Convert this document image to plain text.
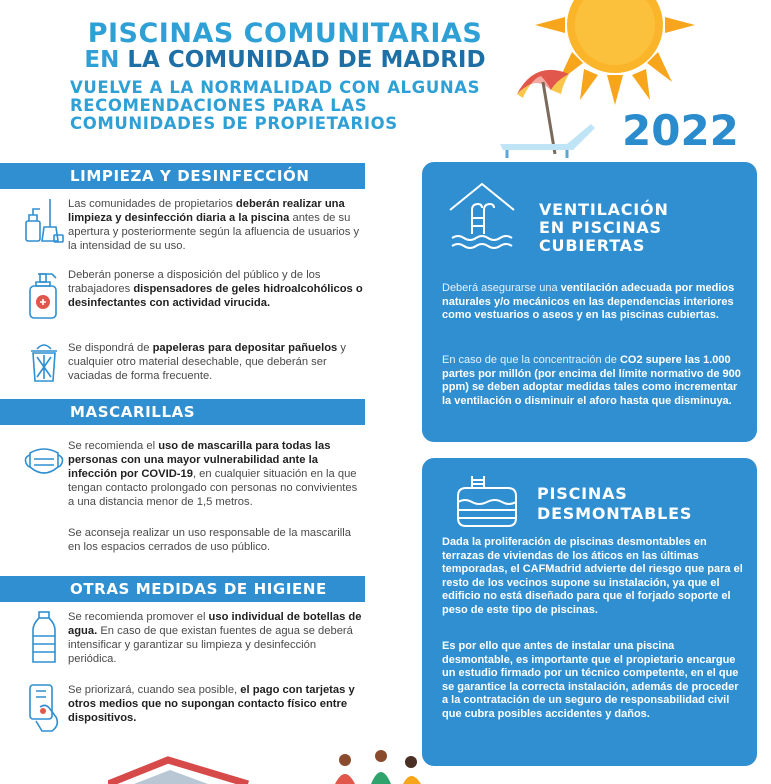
PISCINAS COMUNITARIAS
EN LA COMUNIDAD DE MADRID
VUELVE A LA NORMALIDAD CON ALGUNAS RECOMENDACIONES PARA LAS COMUNIDADES DE PROPIETARIOS	2022
LIMPIEZA Y DESINFECCIÓN
Las comunidades de propietarios deberán realizar una limpieza y desinfección diaria a la piscina antes de su apertura y posteriormente según la afluencia de usuarios y la intensidad de su uso.
Deberán ponerse a disposición del público y de los trabajadores dispensadores de geles hidroalcohólicos o desinfectantes con actividad virucida.
Se dispondrá de papeleras para depositar pañuelos y cualquier otro material desechable, que deberán ser vaciadas de forma frecuente.
MASCARILLAS
Se recomienda el uso de mascarilla para todas las personas con una mayor vulnerabilidad ante la infección por COVID-19, en cualquier situación en la que tengan contacto prolongado con personas no convivientes a una distancia menor de 1,5 metros.
Se aconseja realizar un uso responsable de la mascarilla en los espacios cerrados de uso público.
OTRAS MEDIDAS DE HIGIENE
Se recomienda promover el uso individual de botellas de agua. En caso de que existan fuentes de agua se deberá intensificar y garantizar su limpieza y desinfección periódica.
Se priorizará, cuando sea posible, el pago con tarjetas y otros medios que no supongan contacto físico entre dispositivos.
VENTILACIÓN
EN PISCINAS
CUBIERTAS
Deberá asegurarse una ventilación adecuada por medios naturales y/o mecánicos en las dependencias interiores como vestuarios o aseos y en las piscinas cubiertas.
En caso de que la concentración de CO2 supere las 1.000 partes por millón (por encima del límite normativo de 900 ppm) se deben adoptar medidas tales como incrementar la ventilación o disminuir el aforo hasta que disminuya.
PISCINAS
DESMONTABLES
Dada la proliferación de piscinas desmontables en terrazas de viviendas de los áticos en las últimas temporadas, el CAFMadrid advierte del riesgo que para el resto de los vecinos supone su instalación, ya que el edificio no está diseñado para que el forjado soporte el peso de este tipo de piscinas.
Es por ello que antes de instalar una piscina desmontable, es importante que el propietario encargue un estudio firmado por un técnico competente, en el que se garantice la correcta instalación, además de proceder a la contratación de un seguro de responsabilidad civil que cubra posibles accidentes y daños.
